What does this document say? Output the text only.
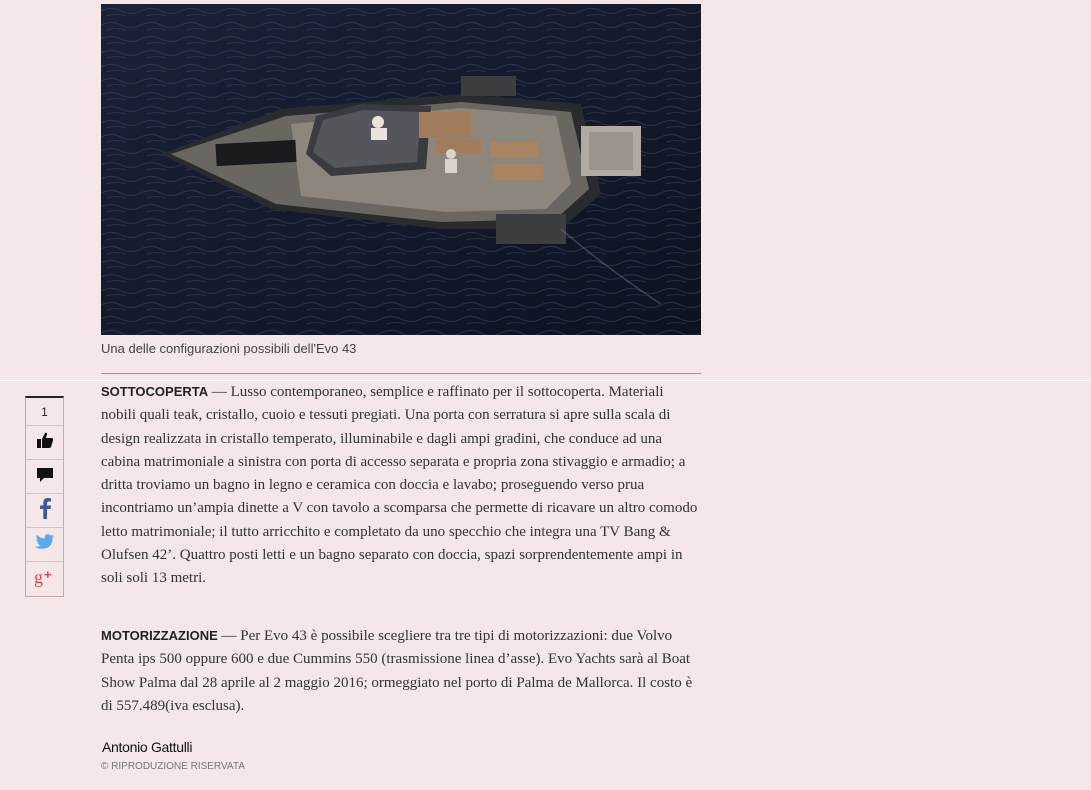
Una delle configurazioni possibili dell'Evo 43

1
g +

SOTTOCOPERTA — Lusso contemporaneo, semplice e raffinato per il sottocoperta. Materiali nobili quali teak, cristallo, cuoio e tessuti pregiati. Una porta con serratura si apre sulla scala di design realizzata in cristallo temperato, illuminabile e dagli ampi gradini, che conduce ad una cabina matrimoniale a sinistra con porta di accesso separata e propria zona stivaggio e armadio; a dritta troviamo un bagno in legno e ceramica con doccia e lavabo; proseguendo verso prua incontriamo un’ampia dinette a V con tavolo a scomparsa che permette di ricavare un altro comodo letto matrimoniale; il tutto arricchito e completato da uno specchio che integra una TV Bang & Olufsen 42’. Quattro posti letti e un bagno separato con doccia, spazi sorprendentemente ampi in soli soli 13 metri.

MOTORIZZAZIONE — Per Evo 43 è possibile scegliere tra tre tipi di motorizzazioni: due Volvo Penta ips 500 oppure 600 e due Cummins 550 (trasmissione linea d’asse). Evo Yachts sarà al Boat Show Palma dal 28 aprile al 2 maggio 2016; ormeggiato nel porto di Palma de Mallorca. Il costo è di 557.489(iva esclusa).

Antonio Gattulli
© RIPRODUZIONE RISERVATA
